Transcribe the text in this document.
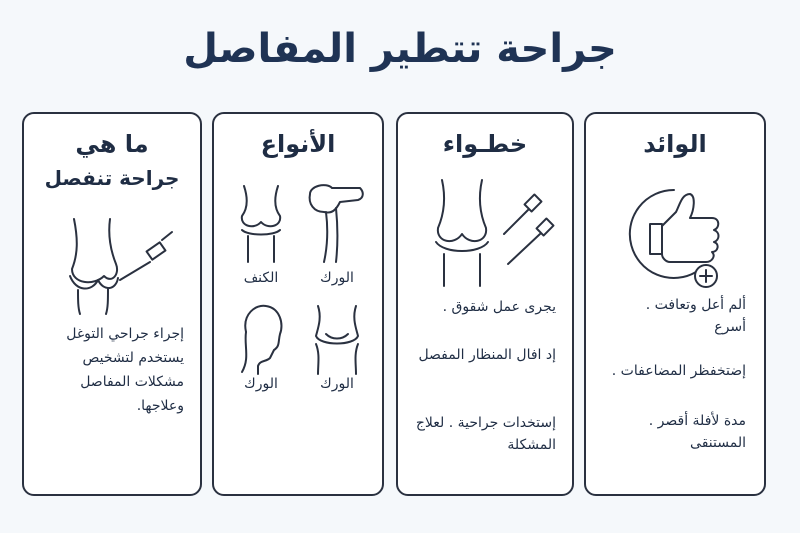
جراحة تتطير المفاصل
ما هي
جراحة تنفصل
إجراء جراحي التوغل
يستخدم لتشخيص
مشكلات المفاصل
وعلاجها.
الأنواع
الكنف	الورك
الورك	الورك
خطـواء
يجرى عمل شقوق .
إد افال المنظار المفصل
إستخدات جراحية . لعلاج المشكلة
الوائد
ألم أعل وتعافت . أسرع
إضتخفظر المضاعفات .
مدة لأفلة أقصر . المستنقى
